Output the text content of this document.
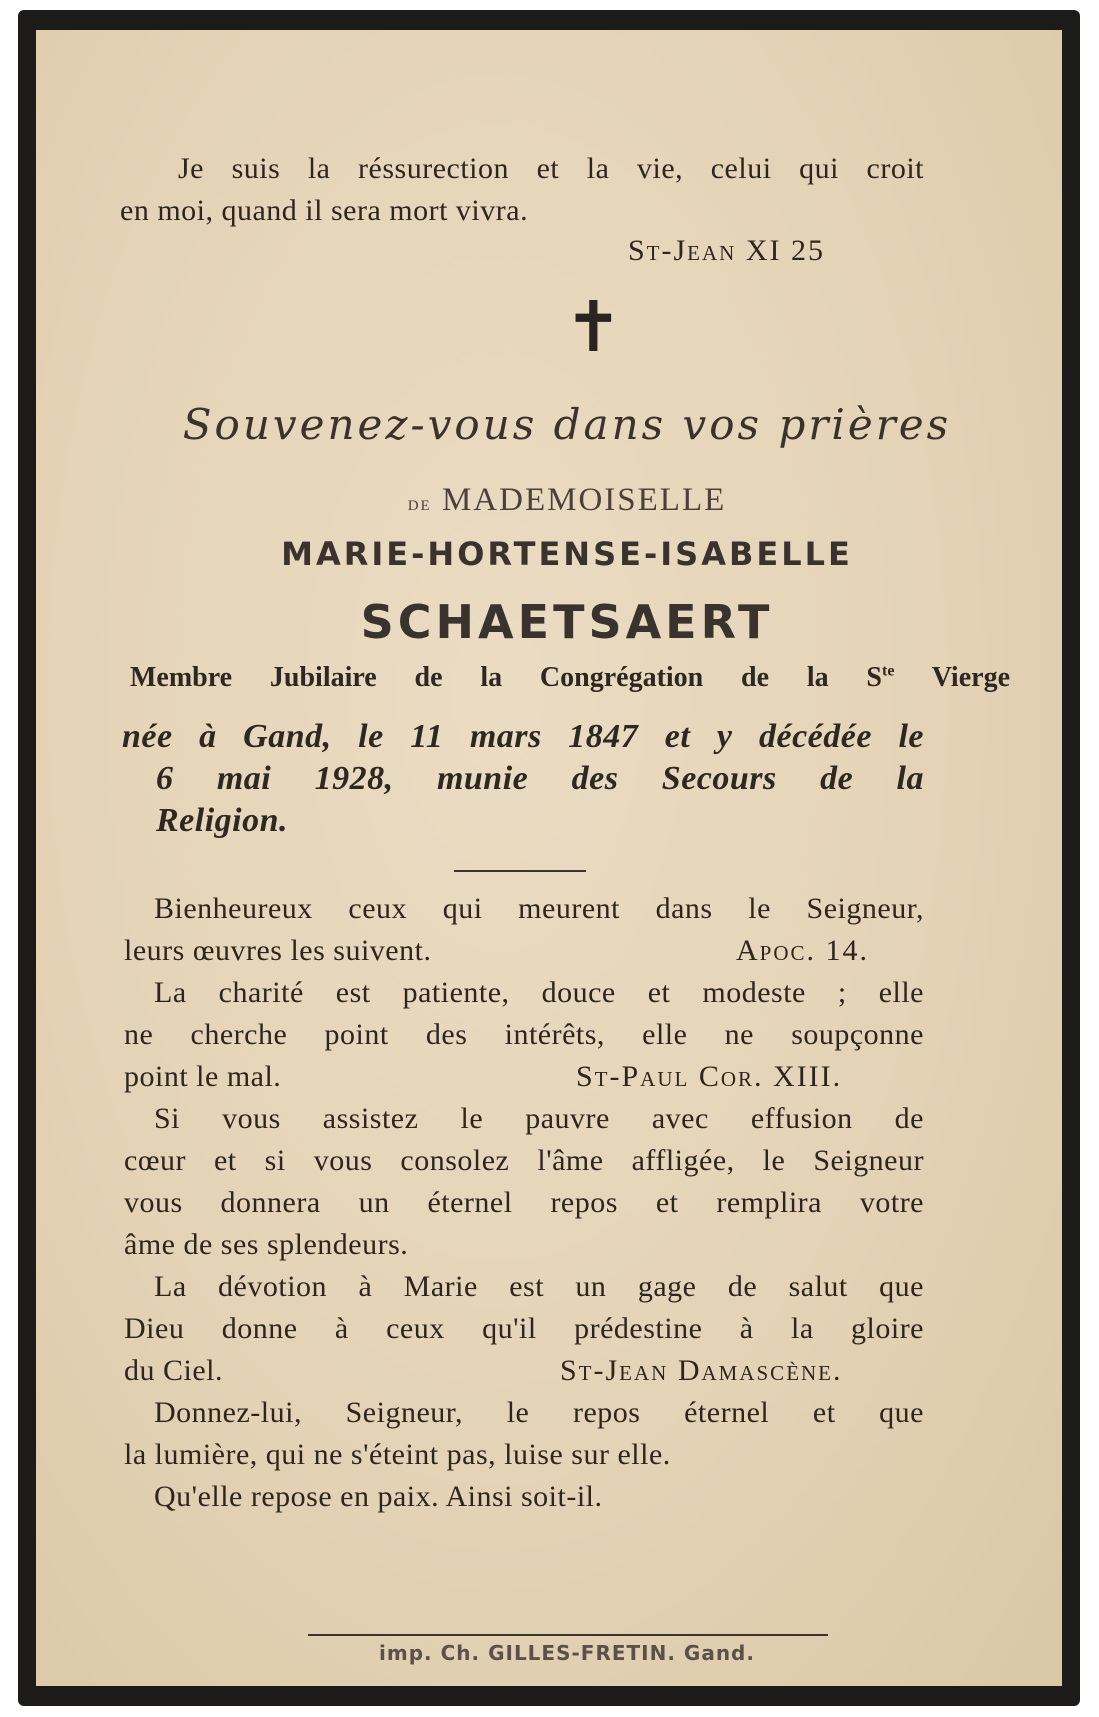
Je suis la réssurection et la vie, celui qui croit
en moi, quand il sera mort vivra.
St-Jean XI 25
✝
Souvenez-vous dans vos prières
de MADEMOISELLE
MARIE-HORTENSE-ISABELLE
SCHAETSAERT
Membre Jubilaire de la Congrégation de la $S^{te}$ Vierge
née à Gand, le 11 mars 1847 et y décédée le
6 mai 1928, munie des Secours de la
Religion.
Bienheureux ceux qui meurent dans le Seigneur,
leurs œuvres les suivent.	Apoc. 14.
La charité est patiente, douce et modeste ; elle
ne cherche point des intérêts, elle ne soupçonne
point le mal.	St-Paul Cor. XIII.
Si vous assistez le pauvre avec effusion de
cœur et si vous consolez l'âme affligée, le Seigneur
vous donnera un éternel repos et remplira votre
âme de ses splendeurs.
La dévotion à Marie est un gage de salut que
Dieu donne à ceux qu'il prédestine à la gloire
du Ciel.	St-Jean Damascène.
Donnez-lui, Seigneur, le repos éternel et que
la lumière, qui ne s'éteint pas, luise sur elle.
Qu'elle repose en paix. Ainsi soit-il.
imp. Ch. GILLES-FRETIN. Gand.
